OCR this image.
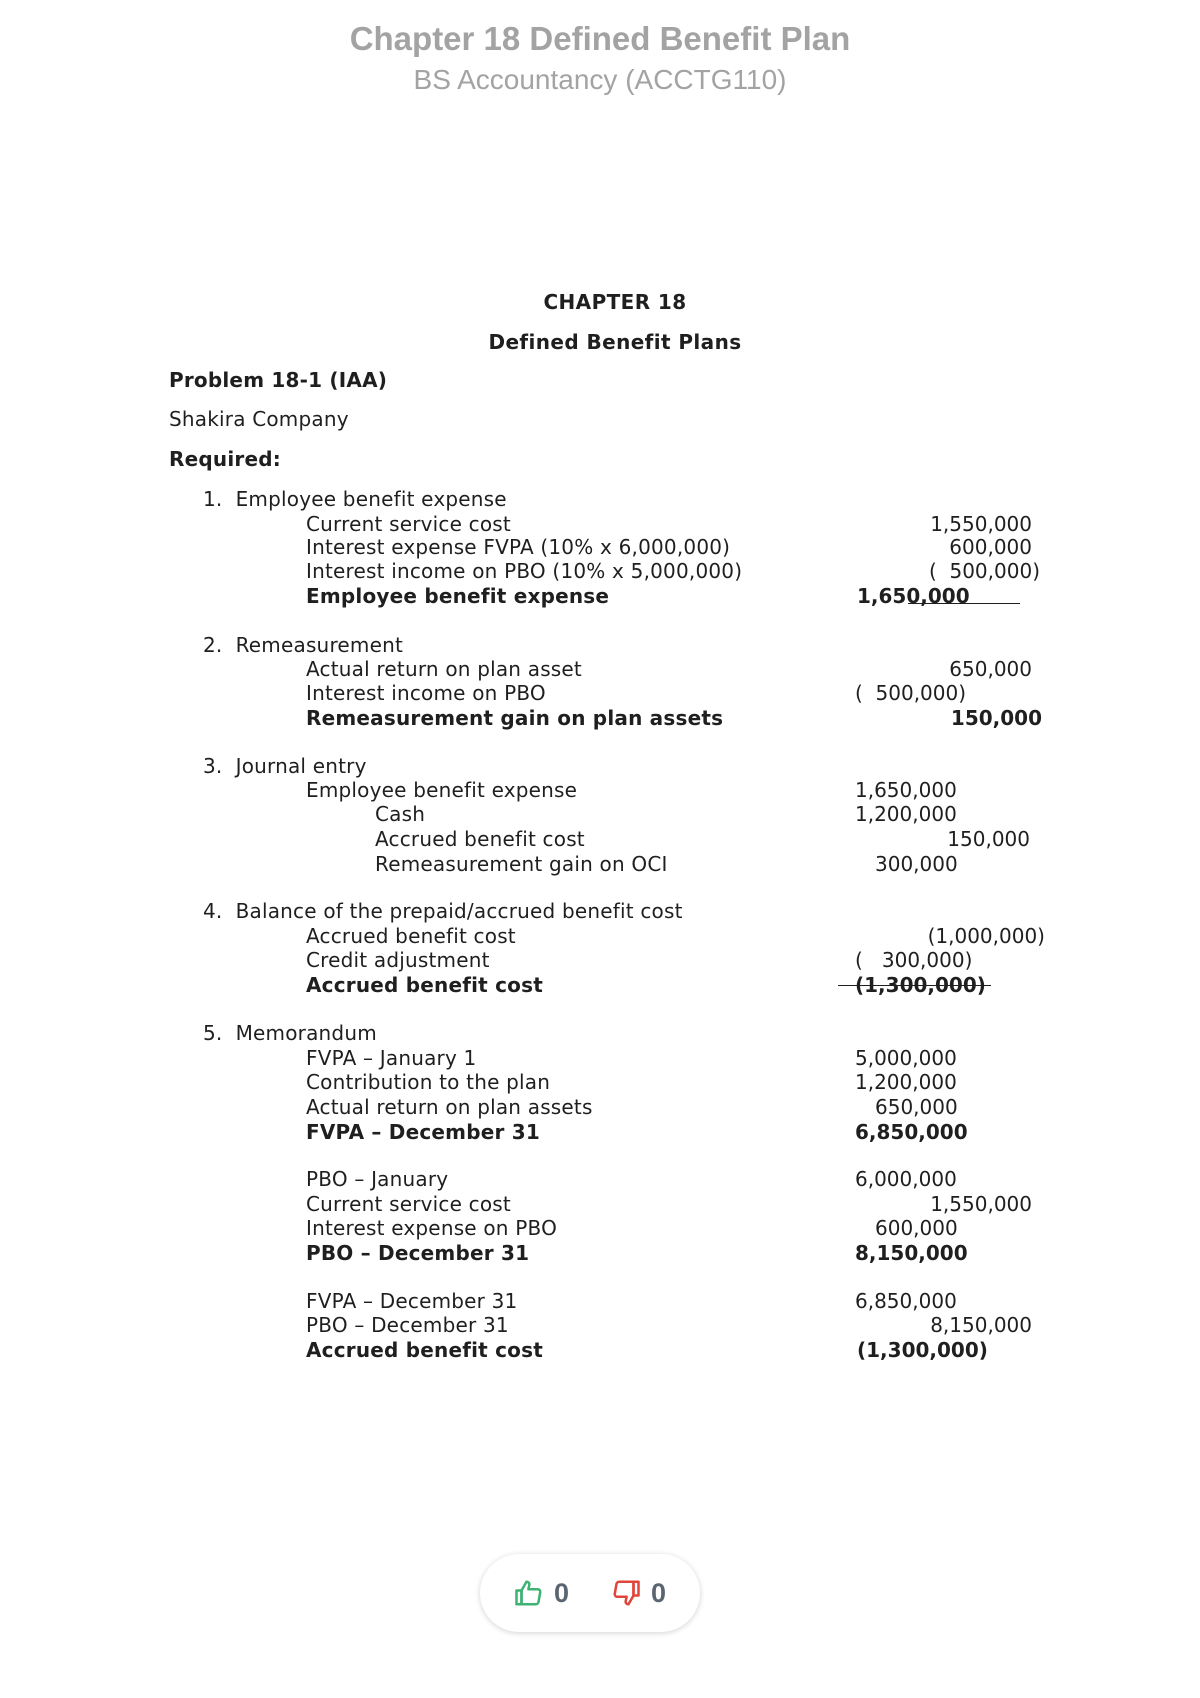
Chapter 18 Defined Benefit Plan
BS Accountancy (ACCTG110)
CHAPTER 18
Defined Benefit Plans
Problem 18-1 (IAA)
Shakira Company
Required:
1.  Employee benefit expense
Current service cost	1,550,000
Interest expense FVPA (10% x 6,000,000)	600,000
Interest income on PBO (10% x 5,000,000)	(  500,000)
Employee benefit expense	1,650,000
2.  Remeasurement
Actual return on plan asset	650,000
Interest income on PBO	(  500,000)
Remeasurement gain on plan assets	150,000
3.  Journal entry
Employee benefit expense	1,650,000
Cash	1,200,000
Accrued benefit cost	150,000
Remeasurement gain on OCI	300,000
4.  Balance of the prepaid/accrued benefit cost
Accrued benefit cost	(1,000,000)
Credit adjustment	(   300,000)
Accrued benefit cost	(1,300,000)
5.  Memorandum
FVPA – January 1	5,000,000
Contribution to the plan	1,200,000
Actual return on plan assets	650,000
FVPA – December 31	6,850,000
PBO – January	6,000,000
Current service cost	1,550,000
Interest expense on PBO	600,000
PBO – December 31	8,150,000
FVPA – December 31	6,850,000
PBO – December 31	8,150,000
Accrued benefit cost	(1,300,000)
0	0
